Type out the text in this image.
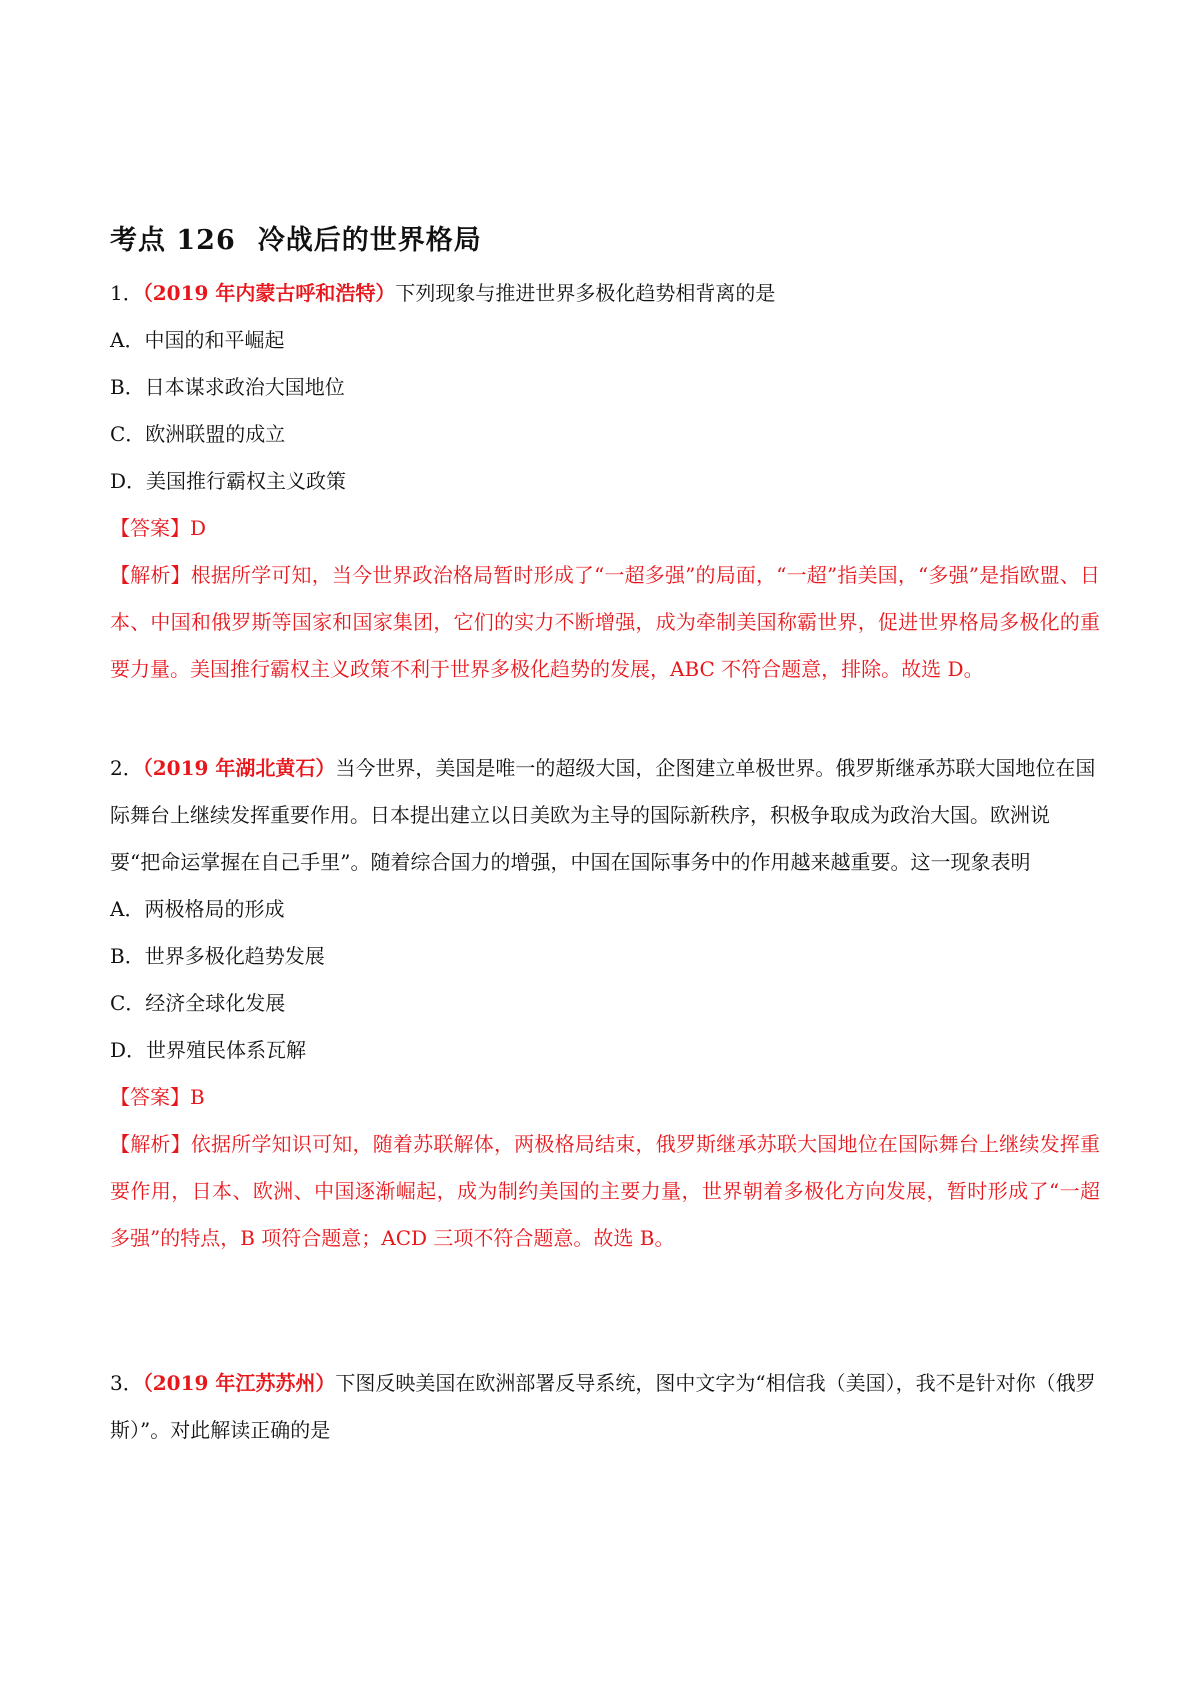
考点 126 冷战后的世界格局

1．（2019 年内蒙古呼和浩特）下列现象与推进世界多极化趋势相背离的是

A．中国的和平崛起

B．日本谋求政治大国地位

C．欧洲联盟的成立

D．美国推行霸权主义政策

【答案】D

【解析】根据所学可知，当今世界政治格局暂时形成了“一超多强”的局面，“一超”指美国，“多强”是指欧盟、日本、中国和俄罗斯等国家和国家集团，它们的实力不断增强，成为牵制美国称霸世界，促进世界格局多极化的重要力量。美国推行霸权主义政策不利于世界多极化趋势的发展，ABC 不符合题意，排除。故选 D。

2．（2019 年湖北黄石）当今世界，美国是唯一的超级大国，企图建立单极世界。俄罗斯继承苏联大国地位在国际舞台上继续发挥重要作用。日本提出建立以日美欧为主导的国际新秩序，积极争取成为政治大国。欧洲说要“把命运掌握在自己手里”。随着综合国力的增强，中国在国际事务中的作用越来越重要。这一现象表明

A．两极格局的形成

B．世界多极化趋势发展

C．经济全球化发展

D．世界殖民体系瓦解

【答案】B

【解析】依据所学知识可知，随着苏联解体，两极格局结束，俄罗斯继承苏联大国地位在国际舞台上继续发挥重要作用，日本、欧洲、中国逐渐崛起，成为制约美国的主要力量，世界朝着多极化方向发展，暂时形成了“一超多强”的特点，B 项符合题意；ACD 三项不符合题意。故选 B。

3．（2019 年江苏苏州）下图反映美国在欧洲部署反导系统，图中文字为“相信我（美国），我不是针对你（俄罗斯）”。对此解读正确的是
